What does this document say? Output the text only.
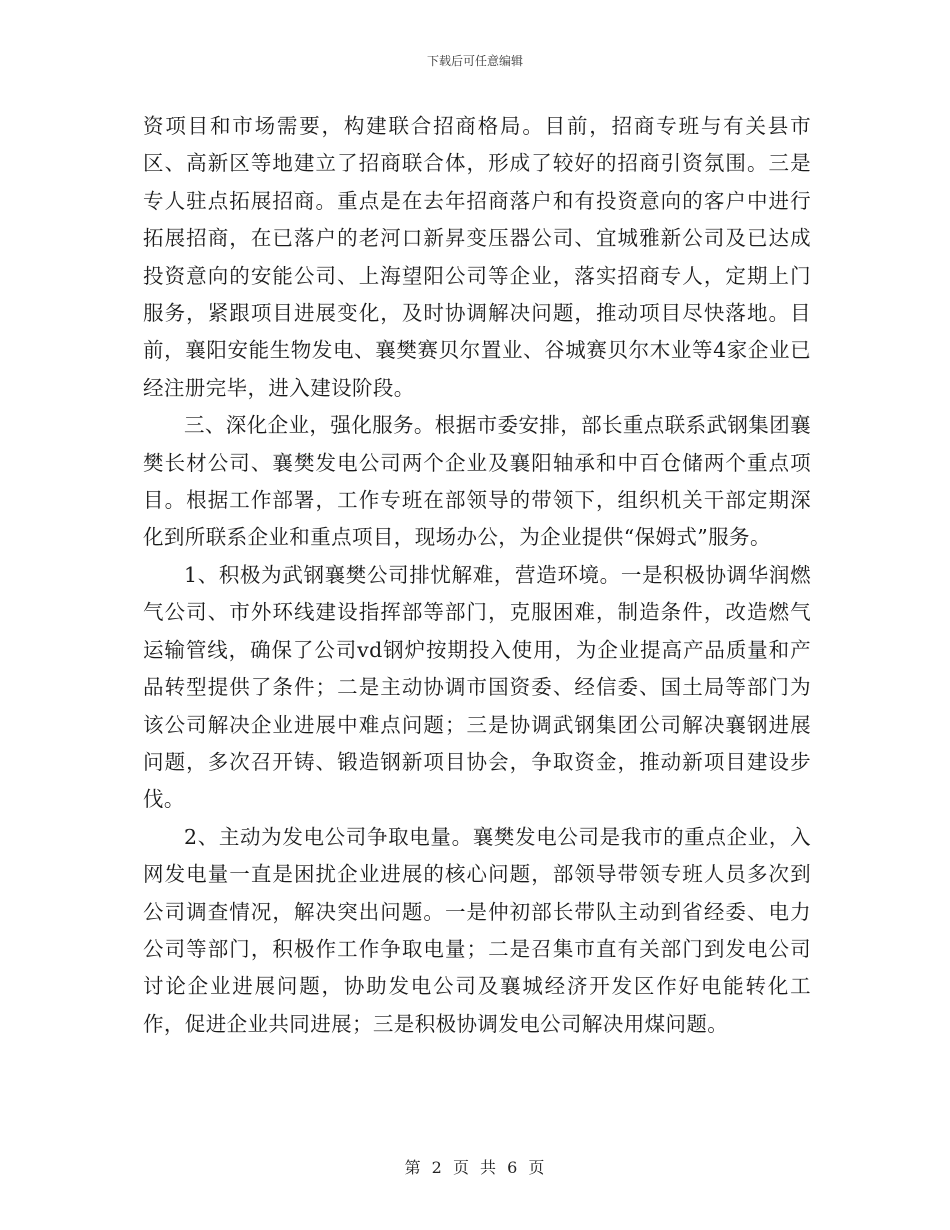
下载后可任意编辑

资项目和市场需要，构建联合招商格局。目前，招商专班与有关县市区、高新区等地建立了招商联合体，形成了较好的招商引资氛围。三是专人驻点拓展招商。重点是在去年招商落户和有投资意向的客户中进行拓展招商，在已落户的老河口新昇变压器公司、宜城雅新公司及已达成投资意向的安能公司、上海望阳公司等企业，落实招商专人，定期上门服务，紧跟项目进展变化，及时协调解决问题，推动项目尽快落地。目前，襄阳安能生物发电、襄樊赛贝尔置业、谷城赛贝尔木业等4家企业已经注册完毕，进入建设阶段。

三、深化企业，强化服务。根据市委安排，部长重点联系武钢集团襄樊长材公司、襄樊发电公司两个企业及襄阳轴承和中百仓储两个重点项目。根据工作部署，工作专班在部领导的带领下，组织机关干部定期深化到所联系企业和重点项目，现场办公，为企业提供“保姆式”服务。

1、积极为武钢襄樊公司排忧解难，营造环境。一是积极协调华润燃气公司、市外环线建设指挥部等部门，克服困难，制造条件，改造燃气运输管线，确保了公司vd钢炉按期投入使用，为企业提高产品质量和产品转型提供了条件；二是主动协调市国资委、经信委、国土局等部门为该公司解决企业进展中难点问题；三是协调武钢集团公司解决襄钢进展问题，多次召开铸、锻造钢新项目协会，争取资金，推动新项目建设步伐。

2、主动为发电公司争取电量。襄樊发电公司是我市的重点企业，入网发电量一直是困扰企业进展的核心问题，部领导带领专班人员多次到公司调查情况，解决突出问题。一是仲初部长带队主动到省经委、电力公司等部门，积极作工作争取电量；二是召集市直有关部门到发电公司讨论企业进展问题，协助发电公司及襄城经济开发区作好电能转化工作，促进企业共同进展；三是积极协调发电公司解决用煤问题。

第 2 页 共 6 页
